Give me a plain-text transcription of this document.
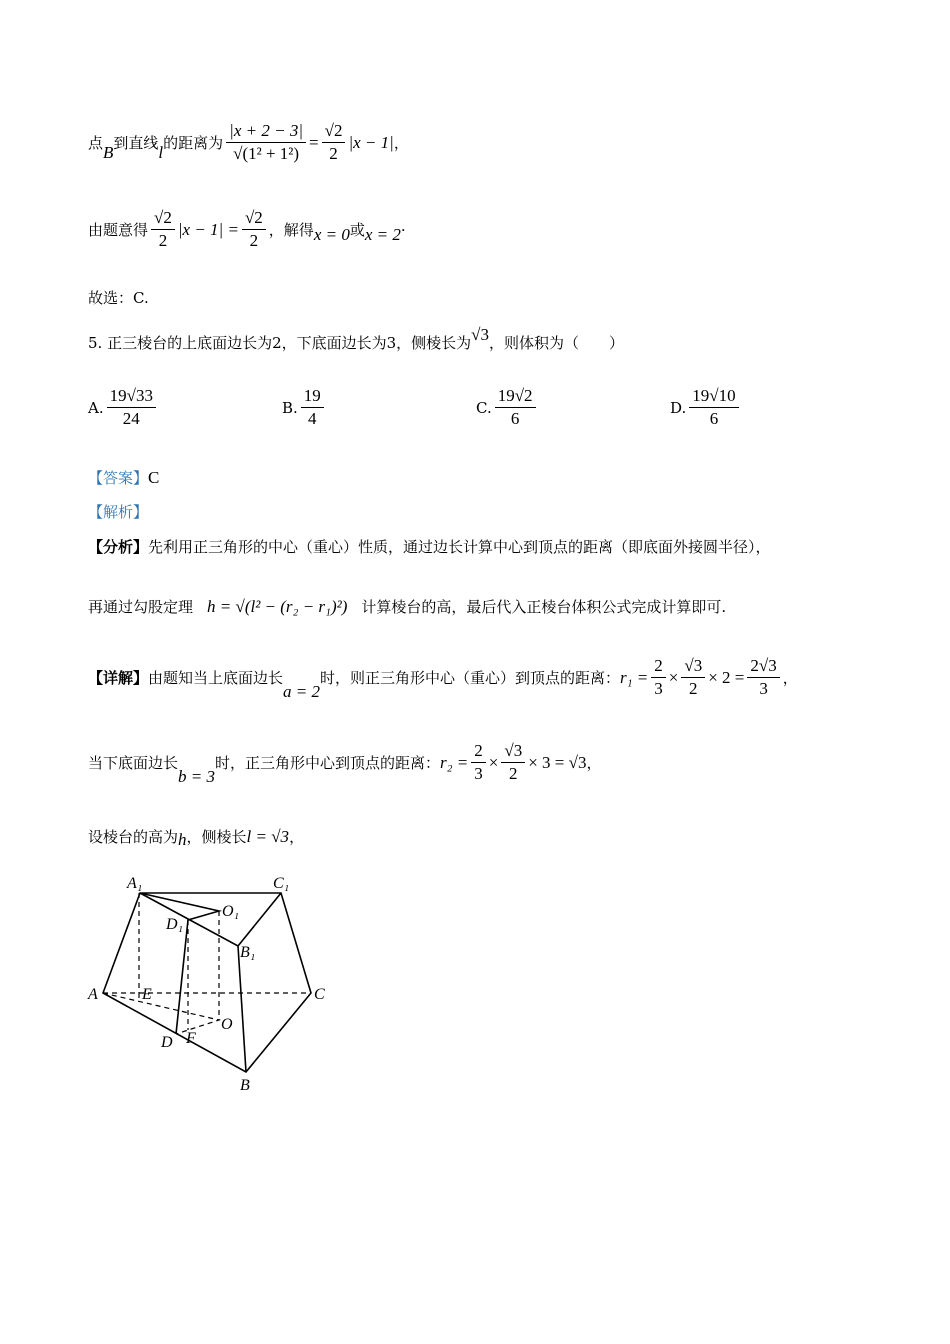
点 B 到直线 l 的距离为 $\frac{|x + 2 - 3|}{\text{√(1² + 1²)}} = \frac{√2}{2} |x - 1|$ ，
由题意得 $\frac{√2}{2} |x - 1| = \frac{√2}{2}$ ，解得 x = 0 或 x = 2 ·
故选：C.
5. 正三棱台的上底面边长为2，下底面边长为3，侧棱长为 √3 ，则体积为（　　）
A. $\frac{19√33}{24}$	B. $\frac{19}{4}$	C. $\frac{19√2}{6}$	D. $\frac{19√10}{6}$
【答案】 C
【解析】
【分析】 先利用正三角形的中心（重心）性质，通过边长计算中心到顶点的距离（即底面外接圆半径），
再通过勾股定理 h = √(l² − (r₂ − r₁)²) 计算棱台的高，最后代入正棱台体积公式完成计算即可.
【详解】 由题知当上底面边长
a = 2
时，则正三角形中心（重心）到顶点的距离： $r_1 = \frac{2}{3} \times \frac{√3}{2} \times 2 = \frac{2√3}{3}$ ，
当下底面边长
b = 3
时，正三角形中心到顶点的距离： $r_2 = \frac{2}{3} \times \frac{√3}{2} \times 3 = √3$ ，
设棱台的高为 h ，侧棱长 l = √3 ，
A₁	C₁
O₁
D₁
B₁
A	E	C
O
D F
B
